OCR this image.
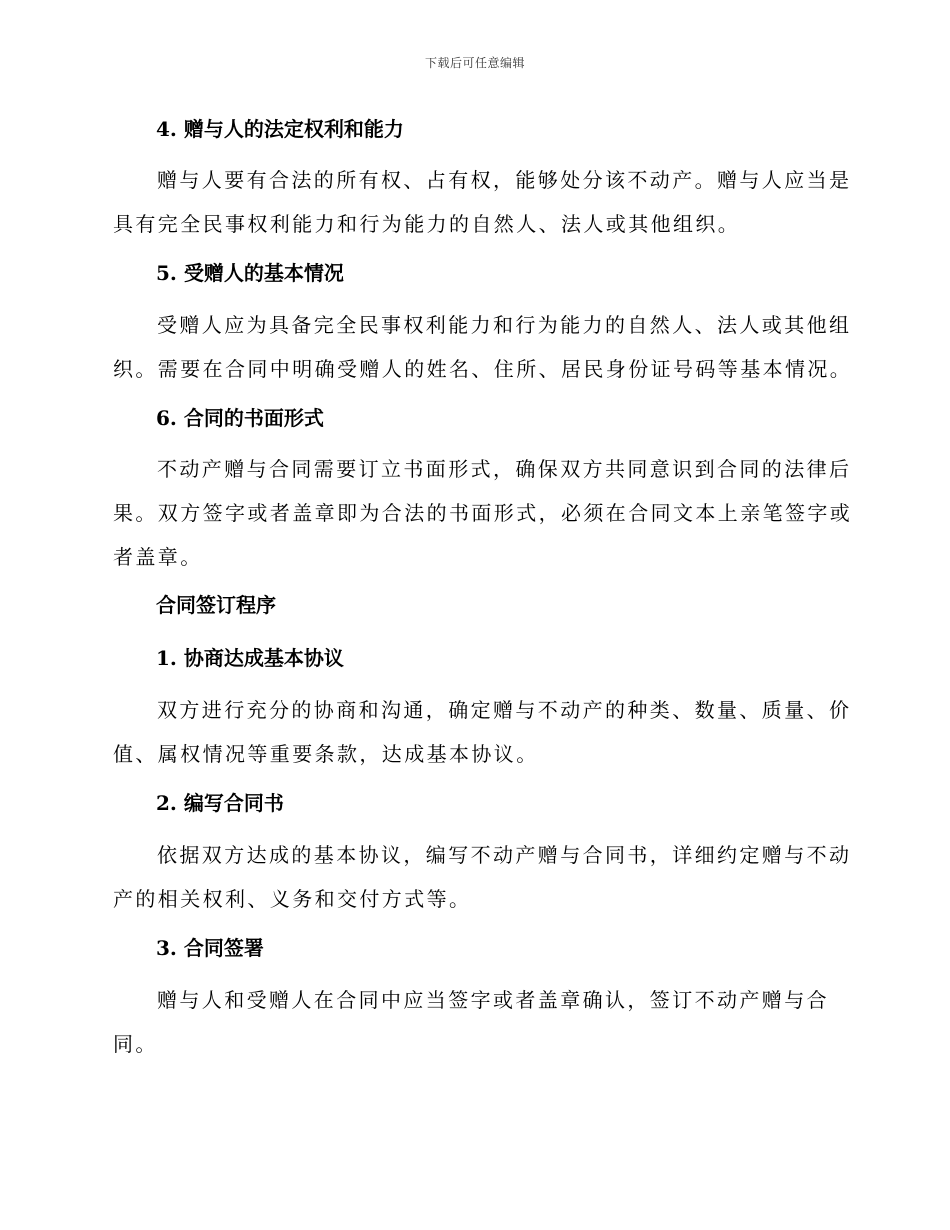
下载后可任意编辑
4. 赠与人的法定权利和能力
赠与人要有合法的所有权、占有权，能够处分该不动产。赠与人应当是
具有完全民事权利能力和行为能力的自然人、法人或其他组织。
5. 受赠人的基本情况
受赠人应为具备完全民事权利能力和行为能力的自然人、法人或其他组
织。需要在合同中明确受赠人的姓名、住所、居民身份证号码等基本情况。
6. 合同的书面形式
不动产赠与合同需要订立书面形式，确保双方共同意识到合同的法律后
果。双方签字或者盖章即为合法的书面形式，必须在合同文本上亲笔签字或
者盖章。
合同签订程序
1. 协商达成基本协议
双方进行充分的协商和沟通，确定赠与不动产的种类、数量、质量、价
值、属权情况等重要条款，达成基本协议。
2. 编写合同书
依据双方达成的基本协议，编写不动产赠与合同书，详细约定赠与不动
产的相关权利、义务和交付方式等。
3. 合同签署
赠与人和受赠人在合同中应当签字或者盖章确认，签订不动产赠与合
同。
